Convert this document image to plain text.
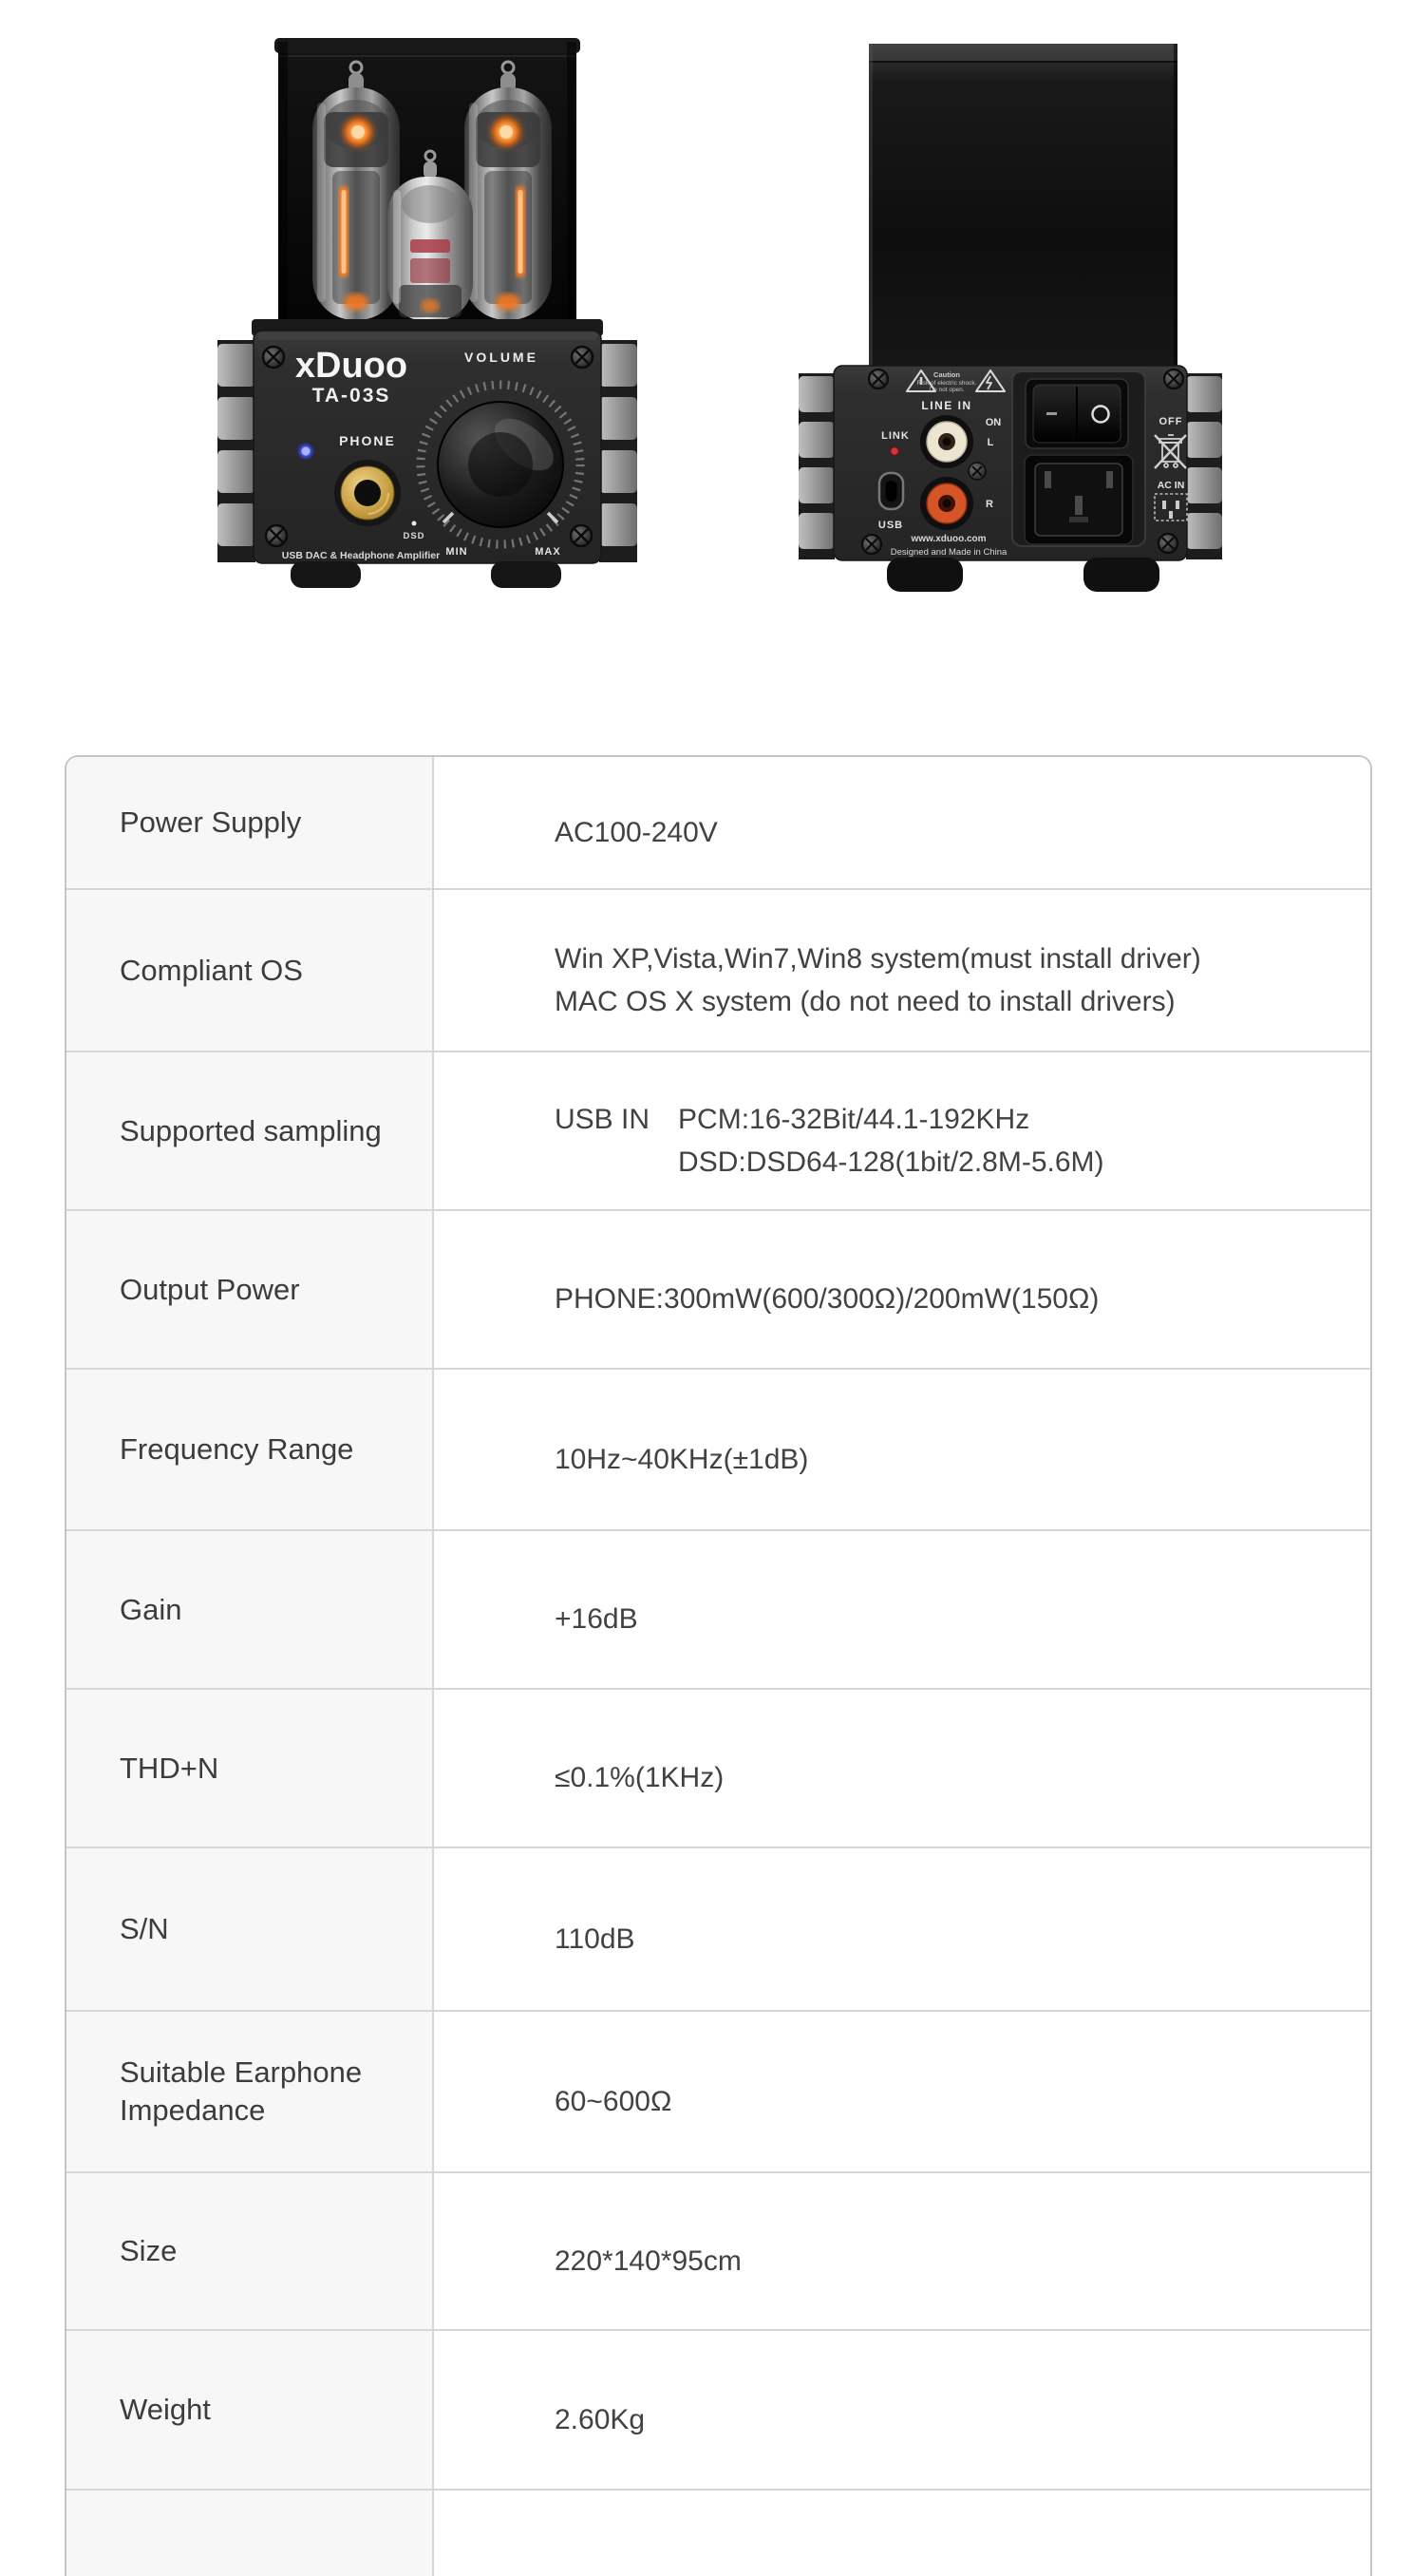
xDuoo
TA-03S
VOLUME
PHONE
DSD
MIN	MAX
USB DAC & Headphone Amplifier
Caution
Risk of electric shock.
Do not open.
LINE IN
LINK
ON
L
R
USB
OFF
AC IN
www.xduoo.com
Designed and Made in China
Power Supply	AC100-240V
Compliant OS	Win XP,Vista,Win7,Win8 system(must install driver)
MAC OS X system (do not need to install drivers)
Supported sampling	USB IN PCM:16-32Bit/44.1-192KHz
DSD:DSD64-128(1bit/2.8M-5.6M)
Output Power	PHONE:300mW(600/300Ω)/200mW(150Ω)
Frequency Range	10Hz~40KHz(±1dB)
Gain	+16dB
THD+N	≤0.1%(1KHz)
S/N	110dB
Suitable Earphone Impedance	60~600Ω
Size	220*140*95cm
Weight	2.60Kg
